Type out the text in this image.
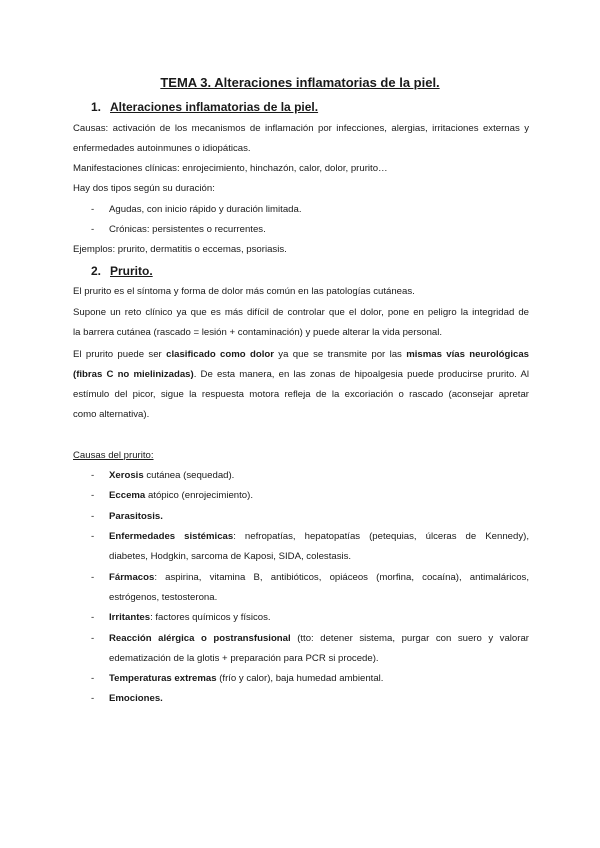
TEMA 3. Alteraciones inflamatorias de la piel.
1. Alteraciones inflamatorias de la piel.
Causas: activación de los mecanismos de inflamación por infecciones, alergias, irritaciones externas y
enfermedades autoinmunes o idiopáticas.
Manifestaciones clínicas: enrojecimiento, hinchazón, calor, dolor, prurito…
Hay dos tipos según su duración:
- Agudas, con inicio rápido y duración limitada.
- Crónicas: persistentes o recurrentes.
Ejemplos: prurito, dermatitis o eccemas, psoriasis.
2. Prurito.
El prurito es el síntoma y forma de dolor más común en las patologías cutáneas.
Supone un reto clínico ya que es más difícil de controlar que el dolor, pone en peligro la integridad de
la barrera cutánea (rascado = lesión + contaminación) y puede alterar la vida personal.
El prurito puede ser clasificado como dolor ya que se transmite por las mismas vías neurológicas
(fibras C no mielinizadas). De esta manera, en las zonas de hipoalgesia puede producirse prurito. Al
estímulo del picor, sigue la respuesta motora refleja de la excoriación o rascado (aconsejar apretar
como alternativa).
Causas del prurito:
- Xerosis cutánea (sequedad).
- Eccema atópico (enrojecimiento).
- Parasitosis.
- Enfermedades sistémicas: nefropatías, hepatopatías (petequias, úlceras de Kennedy),
diabetes, Hodgkin, sarcoma de Kaposi, SIDA, colestasis.
- Fármacos: aspirina, vitamina B, antibióticos, opiáceos (morfina, cocaína), antimaláricos,
estrógenos, testosterona.
- Irritantes: factores químicos y físicos.
- Reacción alérgica o postransfusional (tto: detener sistema, purgar con suero y valorar
edematización de la glotis + preparación para PCR si procede).
- Temperaturas extremas (frío y calor), baja humedad ambiental.
- Emociones.
